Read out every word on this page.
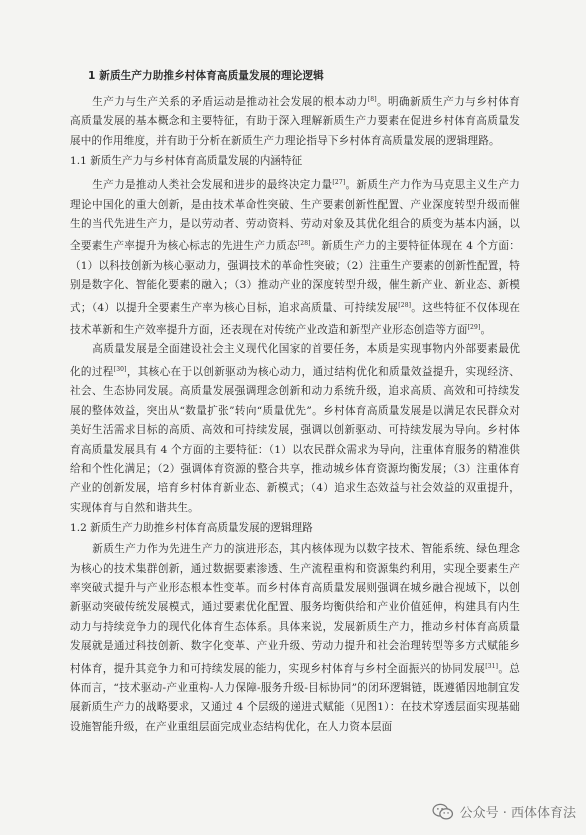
1 新质生产力助推乡村体育高质量发展的理论逻辑

生产力与生产关系的矛盾运动是推动社会发展的根本动力[8]。明确新质生产力与乡村体育高质量发展的基本概念和主要特征，有助于深入理解新质生产力要素在促进乡村体育高质量发展中的作用维度，并有助于分析在新质生产力理论指导下乡村体育高质量发展的逻辑理路。

1.1 新质生产力与乡村体育高质量发展的内涵特征

生产力是推动人类社会发展和进步的最终决定力量[27]。新质生产力作为马克思主义生产力理论中国化的重大创新，是由技术革命性突破、生产要素创新性配置、产业深度转型升级而催生的当代先进生产力，是以劳动者、劳动资料、劳动对象及其优化组合的质变为基本内涵，以全要素生产率提升为核心标志的先进生产力质态[28]。新质生产力的主要特征体现在 4 个方面：（1）以科技创新为核心驱动力，强调技术的革命性突破；（2）注重生产要素的创新性配置，特别是数字化、智能化要素的融入；（3）推动产业的深度转型升级，催生新产业、新业态、新模式；（4）以提升全要素生产率为核心目标，追求高质量、可持续发展[28]。这些特征不仅体现在技术革新和生产效率提升方面，还表现在对传统产业改造和新型产业形态创造等方面[29]。

高质量发展是全面建设社会主义现代化国家的首要任务，本质是实现事物内外部要素最优化的过程[30]，其核心在于以创新驱动为核心动力，通过结构优化和质量效益提升，实现经济、社会、生态协同发展。高质量发展强调理念创新和动力系统升级，追求高质、高效和可持续发展的整体效益，突出从“数量扩张”转向“质量优先”。乡村体育高质量发展是以满足农民群众对美好生活需求目标的高质、高效和可持续发展，强调以创新驱动、可持续发展为导向。乡村体育高质量发展具有 4 个方面的主要特征：（1）以农民群众需求为导向，注重体育服务的精准供给和个性化满足；（2）强调体育资源的整合共享，推动城乡体育资源均衡发展；（3）注重体育产业的创新发展，培育乡村体育新业态、新模式；（4）追求生态效益与社会效益的双重提升，实现体育与自然和谐共生。

1.2 新质生产力助推乡村体育高质量发展的逻辑理路

新质生产力作为先进生产力的演进形态，其内核体现为以数字技术、智能系统、绿色理念为核心的技术集群创新，通过数据要素渗透、生产流程重构和资源集约利用，实现全要素生产率突破式提升与产业形态根本性变革。而乡村体育高质量发展则强调在城乡融合视域下，以创新驱动突破传统发展模式，通过要素优化配置、服务均衡供给和产业价值延伸，构建具有内生动力与持续竞争力的现代化体育生态体系。具体来说，发展新质生产力，推动乡村体育高质量发展就是通过科技创新、数字化变革、产业升级、劳动力提升和社会治理转型等多方式赋能乡村体育，提升其竞争力和可持续发展的能力，实现乡村体育与乡村全面振兴的协同发展[31]。总体而言，“技术驱动-产业重构-人力保障-服务升级-目标协同”的闭环逻辑链，既遵循因地制宜发展新质生产力的战略要求，又通过 4 个层级的递进式赋能（见图1）：在技术穿透层面实现基础设施智能升级，在产业重组层面完成业态结构优化，在人力资本层面

公众号 · 西体体育法
